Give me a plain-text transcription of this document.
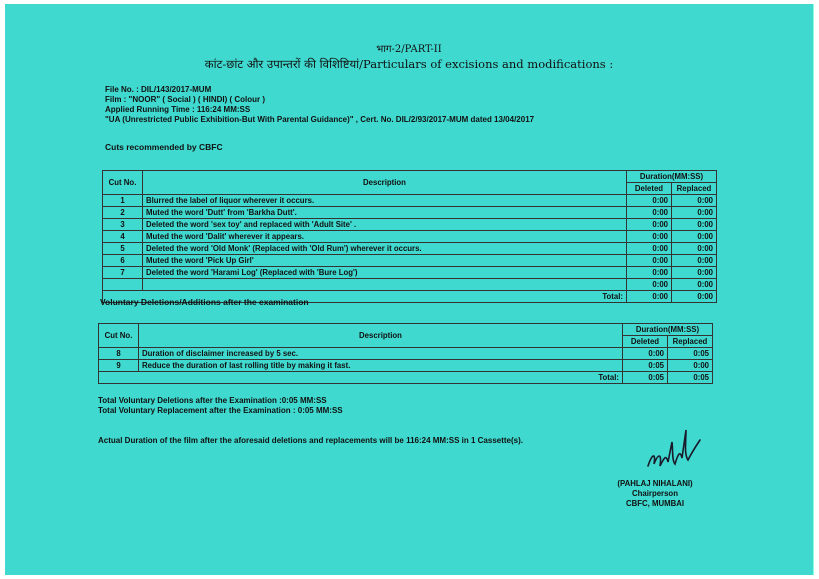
भाग-2/PART-II
कांट-छांट और उपान्तरों की विशिष्टियां/Particulars of excisions and modifications :
File No. : DIL/143/2017-MUM
Film : "NOOR" ( Social ) ( HINDI) ( Colour )
Applied Running Time : 116:24 MM:SS
"UA (Unrestricted Public Exhibition-But With Parental Guidance)" , Cert. No. DIL/2/93/2017-MUM dated 13/04/2017
Cuts recommended by CBFC
Cut No.	Description	Duration(MM:SS)	
		Deleted	Replaced
1	Blurred the label of liquor wherever it occurs.	0:00	0:00
2	Muted the word 'Dutt' from 'Barkha Dutt'.	0:00	0:00
3	Deleted the word 'sex toy' and replaced with 'Adult Site' .	0:00	0:00
4	Muted the word 'Dalit' wherever it appears.	0:00	0:00
5	Deleted the word 'Old Monk' (Replaced with 'Old Rum') wherever it occurs.	0:00	0:00
6	Muted the word 'Pick Up Girl'	0:00	0:00
7	Deleted the word 'Harami Log' (Replaced with 'Bure Log')	0:00	0:00
		0:00	0:00
Total:		0:00	0:00
Voluntary Deletions/Additions after the examination
Cut No.	Description	Duration(MM:SS)	
		Deleted	Replaced
8	Duration of disclaimer increased by 5 sec.	0:00	0:05
9	Reduce the duration of last rolling title by making it fast.	0:05	0:00
Total:		0:05	0:05
Total Voluntary Deletions after the Examination :0:05 MM:SS
Total Voluntary Replacement after the Examination : 0:05 MM:SS
Actual Duration of the film after the aforesaid deletions and replacements will be 116:24 MM:SS in 1 Cassette(s).
(PAHLAJ NIHALANI)
Chairperson
CBFC, MUMBAI
